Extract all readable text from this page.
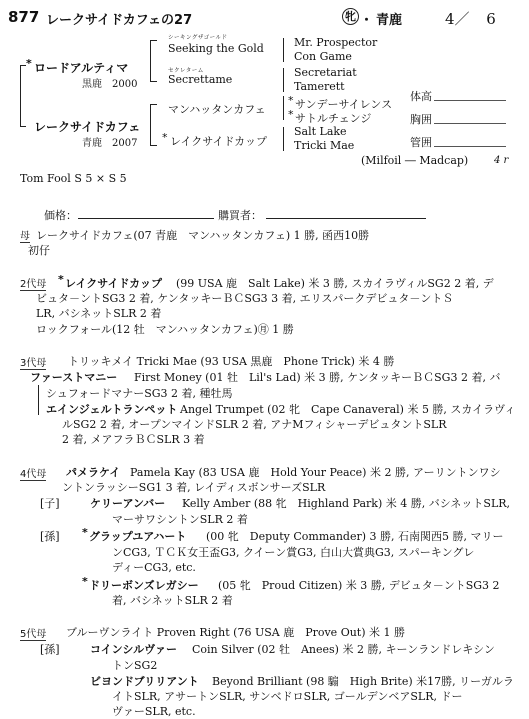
877 レークサイドカフェの27	牝 ・ 青鹿	4／ 6
* ロードアルティマ
黒鹿　2000
シーキングザゴールド
Seeking the Gold
セクレターム
Secrettame
Mr. Prospector
Con Game
Secretariat
Tamerett
レークサイドカフェ
青鹿　2007
マンハッタンカフェ
* レイクサイドカップ
* サンデーサイレンス
* サトルチェンジ
Salt Lake
Tricki Mae
体高
胸囲
管囲
(Milfoil ― Madcap)	4 r
Tom Fool S 5 × S 5
価格：	購買者：
母 レークサイドカフェ(07 青鹿　マンハッタンカフェ) 1 勝, 函西10勝
初仔
2代母 * レイクサイドカップ (99 USA 鹿　Salt Lake) 米 3 勝, スカイラヴィルSG2 2 着, デ
ビュタ－ントSG3 2 着, ケンタッキーＢＣSG3 3 着, エリスパークデビュタ－ントＳ
LR, バシネットSLR 2 着
ロックフォール(12 牡　マンハッタンカフェ)㊊ 1 勝
3代母 トリッキメイ Tricki Mae (93 USA 黒鹿　Phone Trick) 米 4 勝
ファーストマニー First Money (01 牡　Lil's Lad) 米 3 勝, ケンタッキーＢＣSG3 2 着, バ
シュフォードマナーSG3 2 着, 種牡馬
エインジェルトランペット Angel Trumpet (02 牝　Cape Canaveral) 米 5 勝, スカイラヴィ
ルSG2 2 着, オープンマインドSLR 2 着, アナMフィシャーデビュタントSLR
2 着, メアフラＢＣSLR 3 着
4代母 パメラケイ Pamela Kay (83 USA 鹿　Hold Your Peace) 米 2 勝, アーリントンワシ
ントンラッシーSG1 3 着, レイディスボンサーズSLR
[子]	ケリーアンバー Kelly Amber (88 牝　Highland Park) 米 4 勝, バシネットSLR,
マーサワシントンSLR 2 着
[孫] * グラップユアハート (00 牝　Deputy Commander) 3 勝, 石南関西5 勝, マリー
ンCG3, ＴＣＫ女王盃G3, クイーン賞G3, 白山大賞典G3, スパーキングレ
ディーCG3, etc.
* ドリーボンズレガシー (05 牝　Proud Citizen) 米 3 勝, デビュタ－ントSG3 2
着, バシネットSLR 2 着
5代母 ブルーヴンライト Proven Right (76 USA 鹿　Prove Out) 米 1 勝
[孫]	コインシルヴァー Coin Silver (02 牡　Anees) 米 2 勝, キーンランドレキシン
トンSG2
ビヨンドブリリアント Beyond Brilliant (98 騸　High Brite) 米17勝, リーガルラ
イトSLR, アサートンSLR, サンベドロSLR, ゴールデンベアSLR, ドー
ヴァーSLR, etc.
